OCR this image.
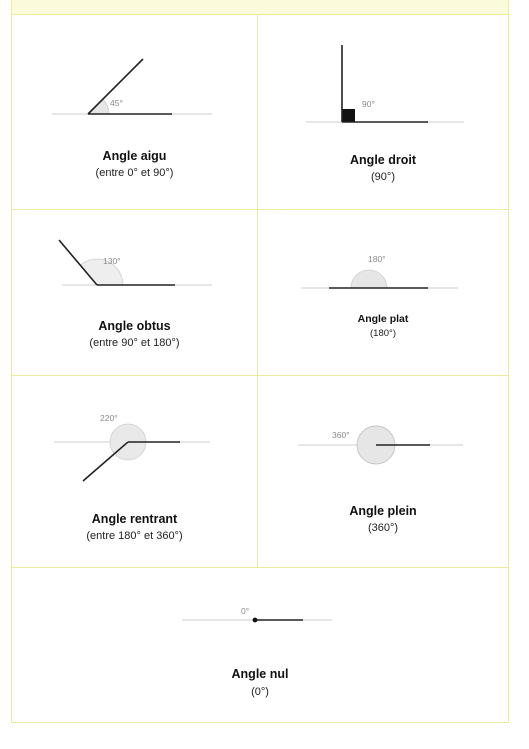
45°
Angle aigu
(entre 0° et 90°)
90°
Angle droit
(90°)
130°
Angle obtus
(entre 90° et 180°)
180°
Angle plat
(180°)
220°
Angle rentrant
(entre 180° et 360°)
360°
Angle plein
(360°)
0°
Angle nul
(0°)
